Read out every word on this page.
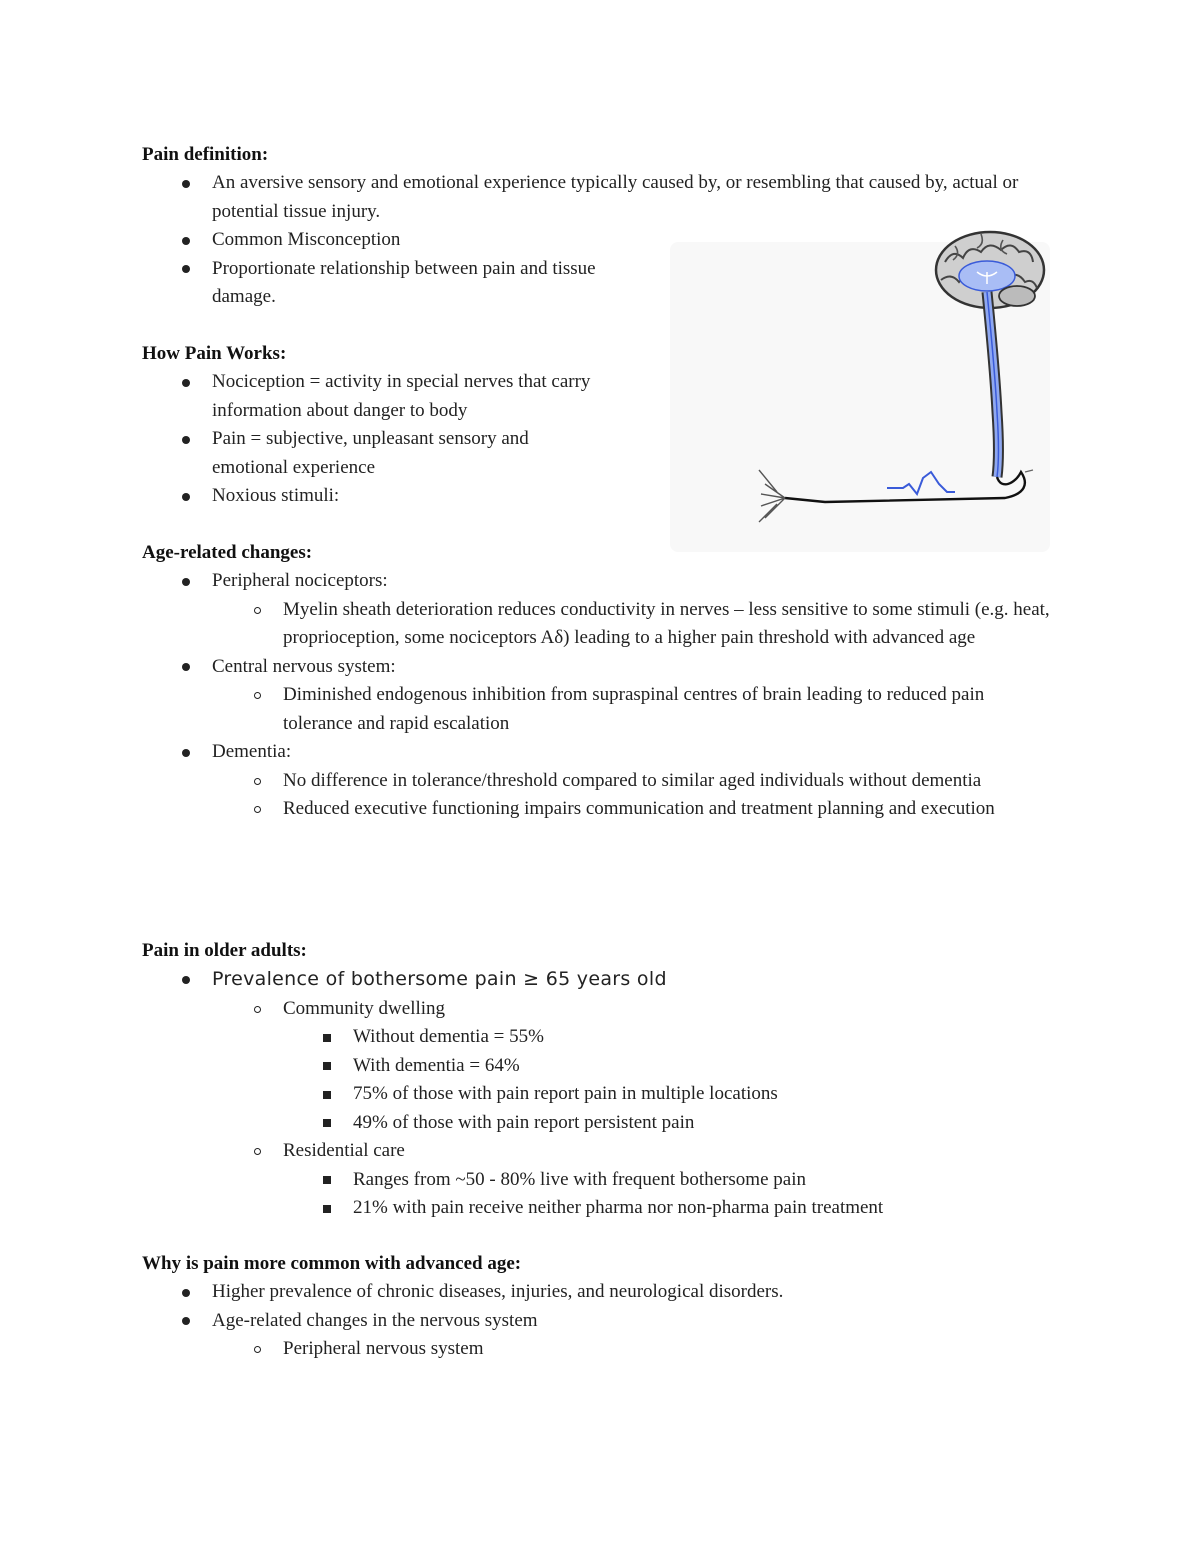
Pain definition:
An aversive sensory and emotional experience typically caused by, or resembling that caused by, actual or potential tissue injury.
Common Misconception
Proportionate relationship between pain and tissue damage.
How Pain Works:
Nociception = activity in special nerves that carry information about danger to body
Pain = subjective, unpleasant sensory and emotional experience
Noxious stimuli:
Age-related changes:
Peripheral nociceptors:
Myelin sheath deterioration reduces conductivity in nerves – less sensitive to some stimuli (e.g. heat, proprioception, some nociceptors Aδ) leading to a higher pain threshold with advanced age
Central nervous system:
Diminished endogenous inhibition from supraspinal centres of brain leading to reduced pain tolerance and rapid escalation
Dementia:
No difference in tolerance/threshold compared to similar aged individuals without dementia
Reduced executive functioning impairs communication and treatment planning and execution
Pain in older adults:
Prevalence of bothersome pain ≥ 65 years old
Community dwelling
Without dementia = 55%
With dementia = 64%
75% of those with pain report pain in multiple locations
49% of those with pain report persistent pain
Residential care
Ranges from ~50 - 80% live with frequent bothersome pain
21% with pain receive neither pharma nor non-pharma pain treatment
Why is pain more common with advanced age:
Higher prevalence of chronic diseases, injuries, and neurological disorders.
Age-related changes in the nervous system
Peripheral nervous system
